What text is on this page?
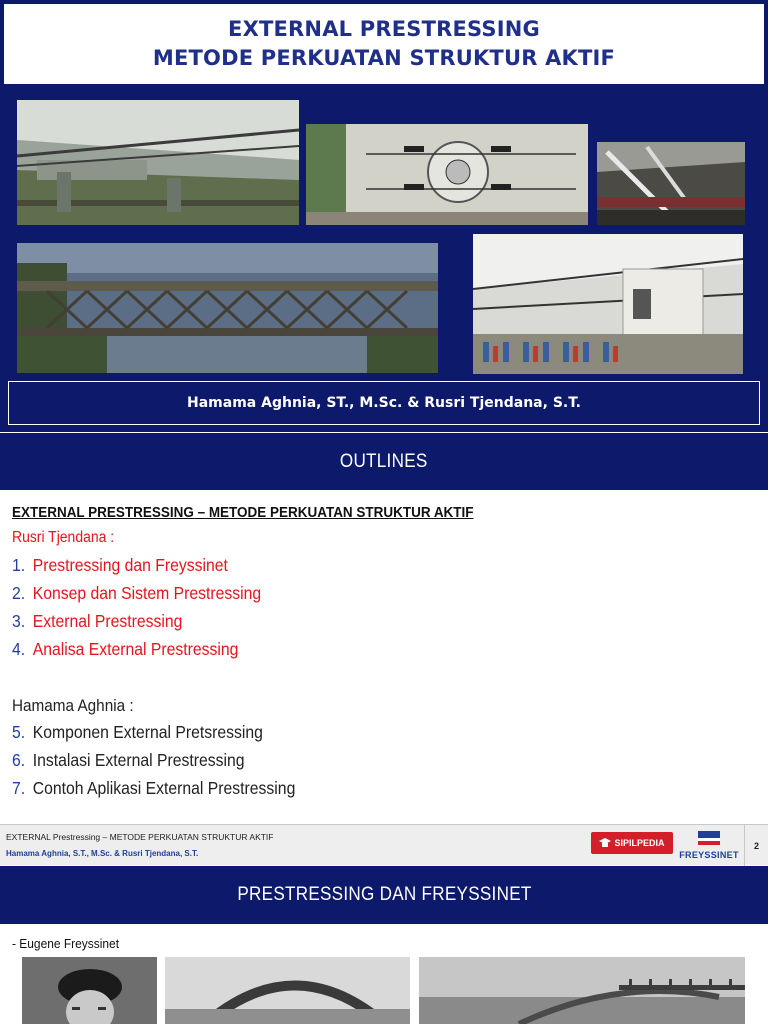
EXTERNAL PRESTRESSING
METODE PERKUATAN STRUKTUR AKTIF
Hamama Aghnia, ST., M.Sc. & Rusri Tjendana, S.T.
OUTLINES
EXTERNAL PRESTRESSING – METODE PERKUATAN STRUKTUR AKTIF
Rusri Tjendana :
1. Prestressing dan Freyssinet
2. Konsep dan Sistem Prestressing
3. External Prestressing
4. Analisa External Prestressing
Hamama Aghnia :
5. Komponen External Pretsressing
6. Instalasi External Prestressing
7. Contoh Aplikasi External Prestressing
EXTERNAL Prestressing – METODE PERKUATAN STRUKTUR AKTIF
Hamama Aghnia, S.T., M.Sc. & Rusri Tjendana, S.T.
SIPILPEDIA
FREYSSINET
2
PRESTRESSING DAN FREYSSINET
- Eugene Freyssinet
